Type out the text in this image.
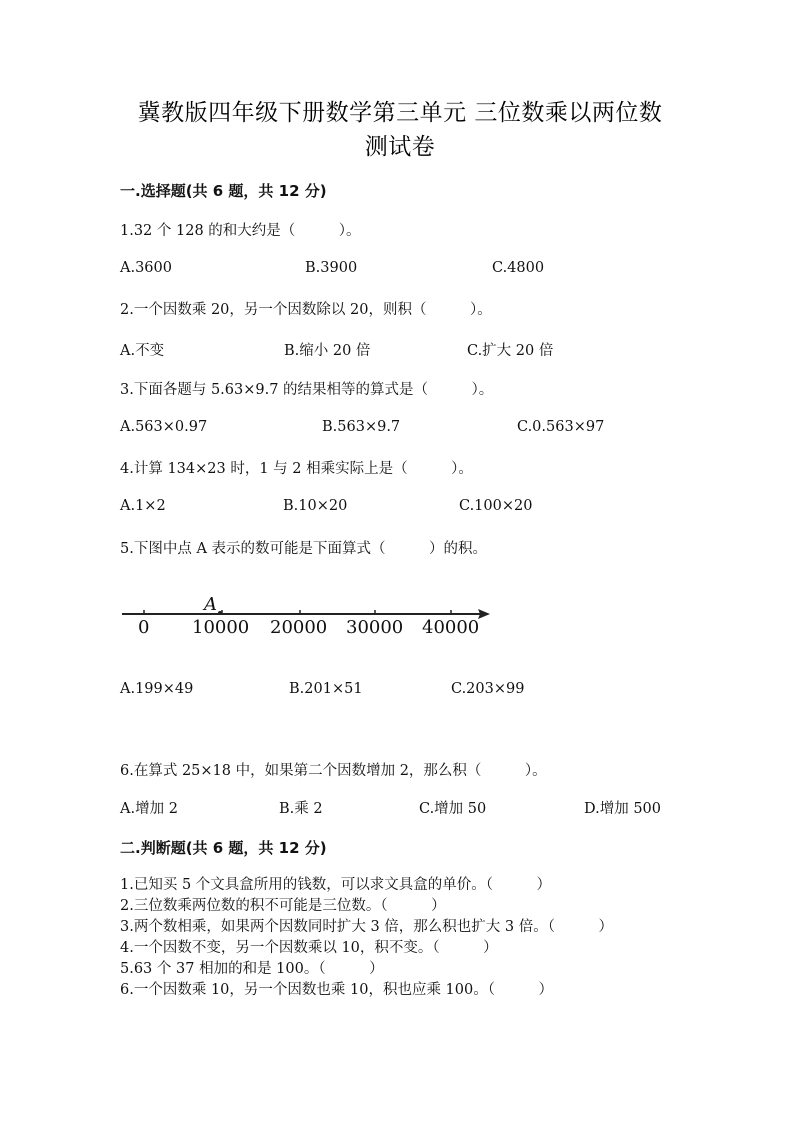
冀教版四年级下册数学第三单元 三位数乘以两位数
测试卷
一.选择题(共 6 题，共 12 分)
1.32 个 128 的和大约是（　　　）。
A.3600	B.3900	C.4800
2.一个因数乘 20，另一个因数除以 20，则积（　　　）。
A.不变	B.缩小 20 倍	C.扩大 20 倍
3.下面各题与 5.63×9.7 的结果相等的算式是（　　　）。
A.563×0.97	B.563×9.7	C.0.563×97
4.计算 134×23 时，1 与 2 相乘实际上是（　　　）。
A.1×2	B.10×20	C.100×20
5.下图中点 A 表示的数可能是下面算式（　　　）的积。
A
0 10000 20000 30000 40000
A.199×49	B.201×51	C.203×99
6.在算式 25×18 中，如果第二个因数增加 2，那么积（　　　）。
A.增加 2	B.乘 2	C.增加 50	D.增加 500
二.判断题(共 6 题，共 12 分)
1.已知买 5 个文具盒所用的钱数，可以求文具盒的单价。（　　　）
2.三位数乘两位数的积不可能是三位数。（　　　）
3.两个数相乘，如果两个因数同时扩大 3 倍，那么积也扩大 3 倍。（　　　）
4.一个因数不变，另一个因数乘以 10，积不变。（　　　）
5.63 个 37 相加的和是 100。（　　　）
6.一个因数乘 10，另一个因数也乘 10，积也应乘 100。（　　　）
